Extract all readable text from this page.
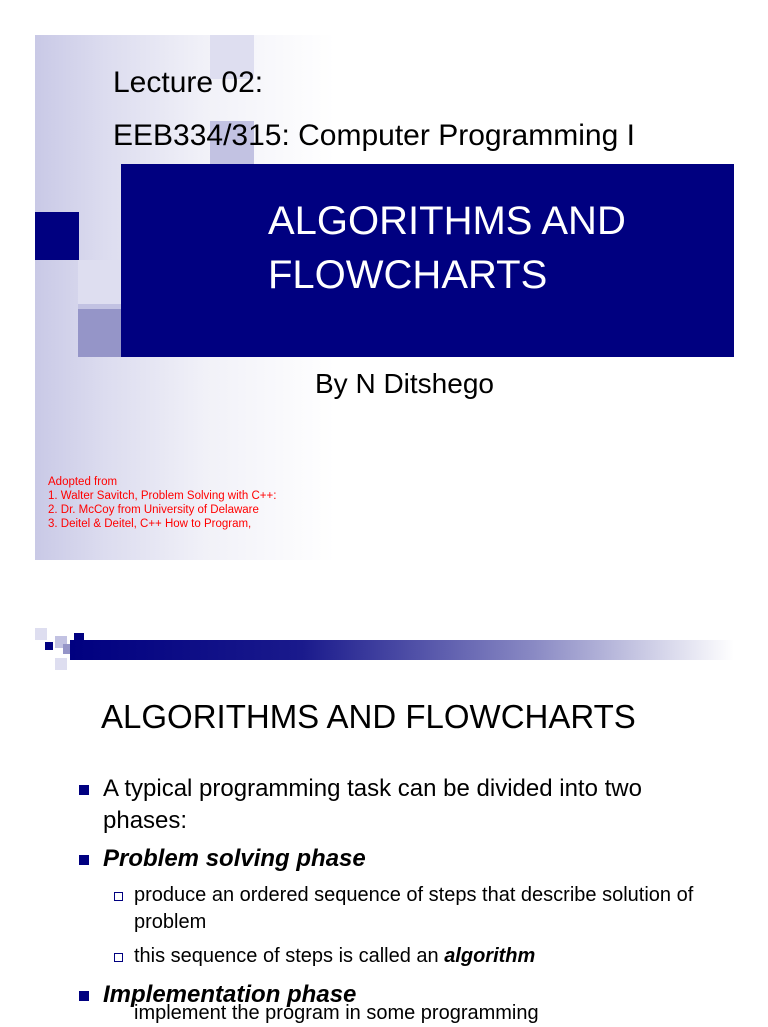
ALGORITHMS AND
FLOWCHARTS
Lecture 02:
EEB334/315: Computer Programming I
By N Ditshego
Adopted from
1. Walter Savitch, Problem Solving with C++:
2. Dr. McCoy from University of Delaware
3. Deitel & Deitel, C++ How to Program,
ALGORITHMS AND FLOWCHARTS
A typical programming task can be divided into two phases:
Problem solving phase
produce an ordered sequence of steps that describe solution of problem
this sequence of steps is called an algorithm
Implementation phase
implement the program in some programming
